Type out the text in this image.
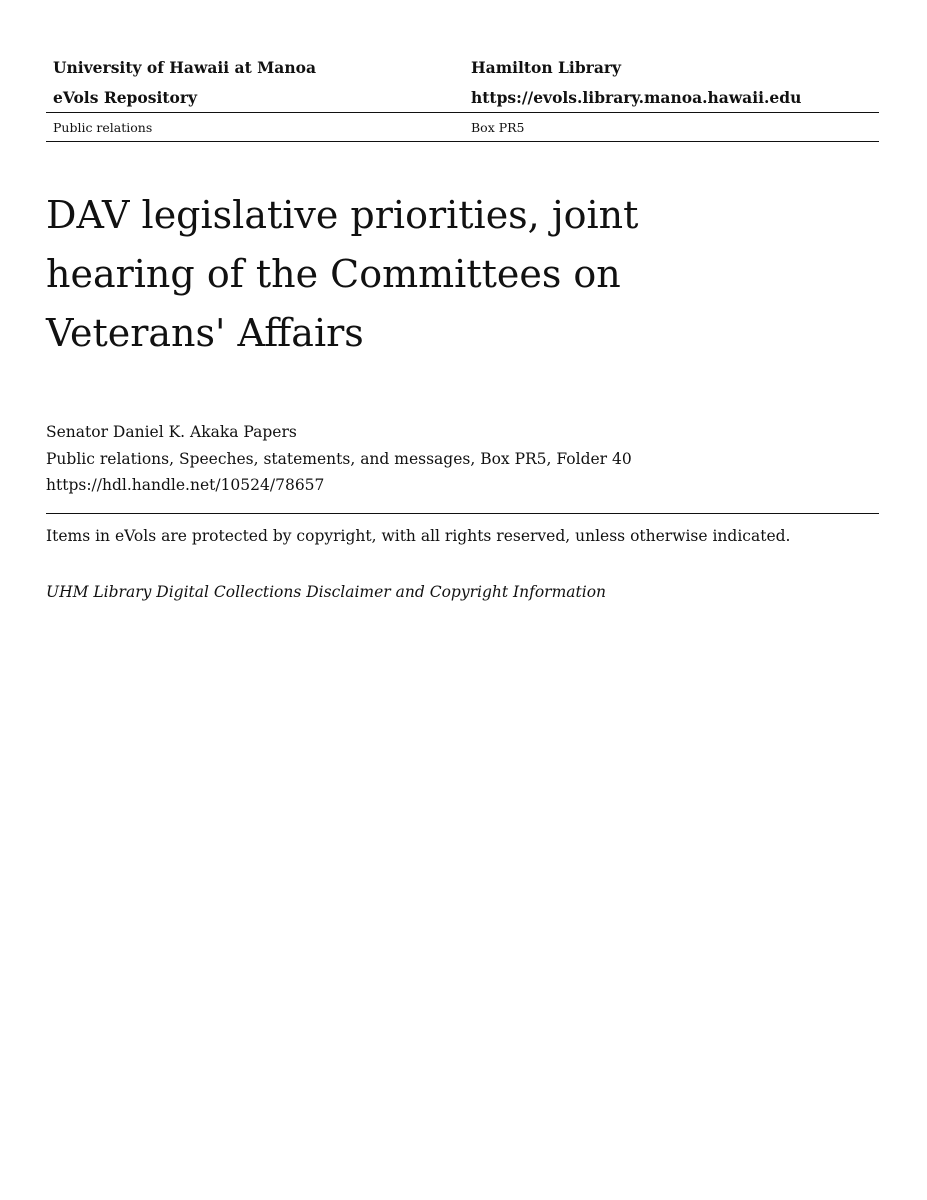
University of Hawaii at Manoa	Hamilton Library
eVols Repository	https://evols.library.manoa.hawaii.edu
Public relations	Box PR5
DAV legislative priorities, joint
hearing of the Committees on
Veterans' Affairs
Senator Daniel K. Akaka Papers
Public relations, Speeches, statements, and messages, Box PR5, Folder 40
https://hdl.handle.net/10524/78657
Items in eVols are protected by copyright, with all rights reserved, unless otherwise indicated.
UHM Library Digital Collections Disclaimer and Copyright Information
